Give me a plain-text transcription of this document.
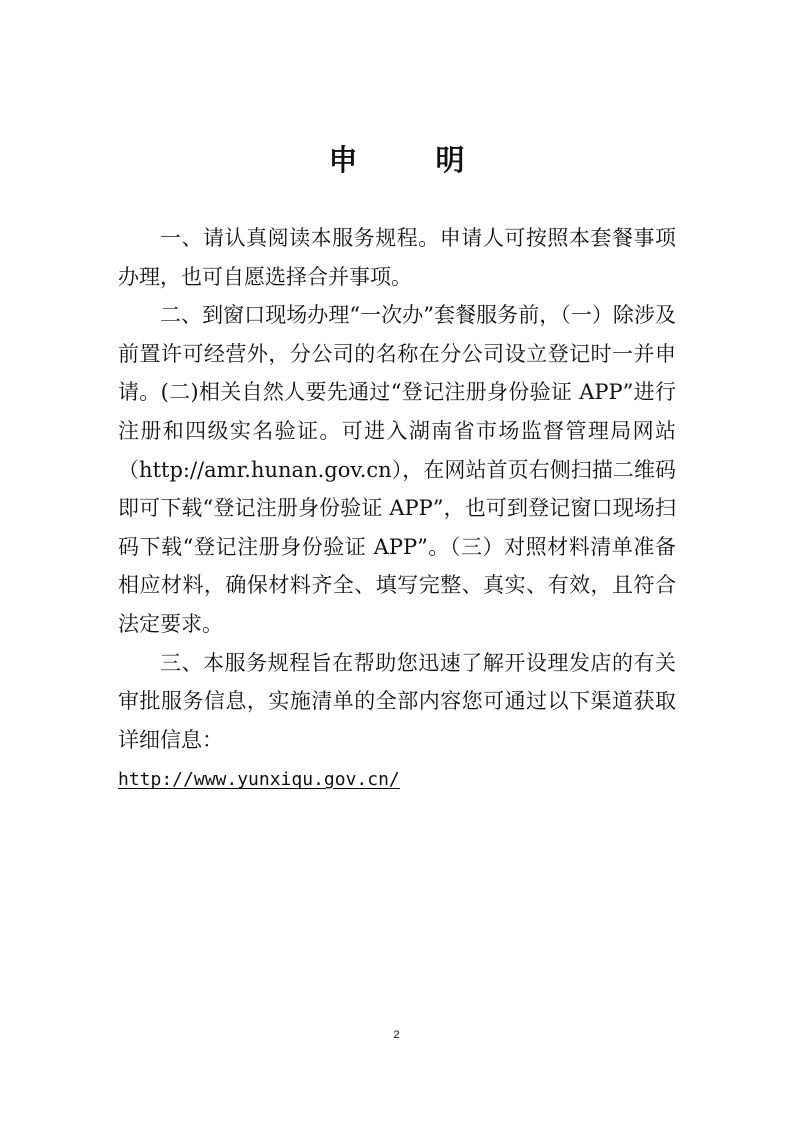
申 明

一、请认真阅读本服务规程。申请人可按照本套餐事项办理，也可自愿选择合并事项。

二、到窗口现场办理“一次办”套餐服务前，（一）除涉及前置许可经营外，分公司的名称在分公司设立登记时一并申请。(二)相关自然人要先通过“登记注册身份验证 APP”进行注册和四级实名验证。可进入湖南省市场监督管理局网站（http://amr.hunan.gov.cn），在网站首页右侧扫描二维码即可下载“登记注册身份验证 APP”，也可到登记窗口现场扫码下载“登记注册身份验证 APP”。（三）对照材料清单准备相应材料，确保材料齐全、填写完整、真实、有效，且符合法定要求。

三、本服务规程旨在帮助您迅速了解开设理发店的有关审批服务信息，实施清单的全部内容您可通过以下渠道获取详细信息：

http://www.yunxiqu.gov.cn/
2
